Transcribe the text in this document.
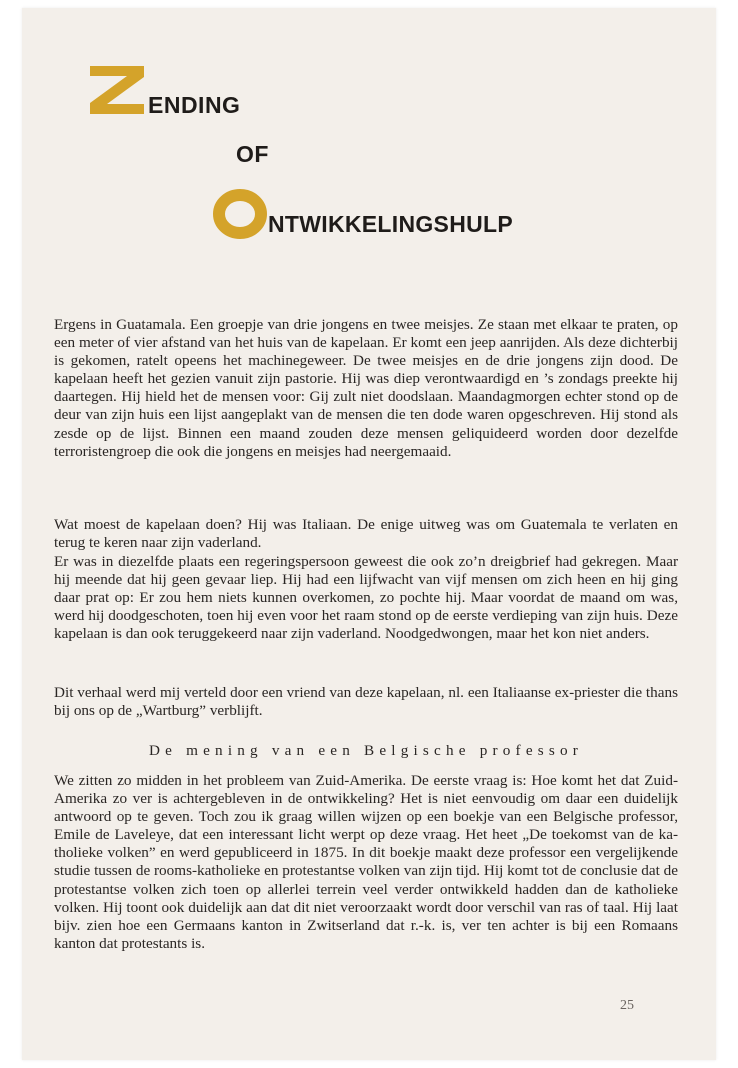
ENDING
OF
NTWIKKELINGSHULP

Ergens in Guatamala. Een groepje van drie jongens en twee meisjes. Ze staan met elkaar te praten, op een meter of vier afstand van het huis van de kapelaan. Er komt een jeep aanrijden. Als deze dichterbij is gekomen, ratelt opeens het machinegeweer. De twee meisjes en de drie jongens zijn dood. De kapelaan heeft het gezien vanuit zijn pastorie. Hij was diep verontwaardigd en ’s zondags preekte hij daartegen. Hij hield het de mensen voor: Gij zult niet doodslaan. Maandagmorgen echter stond op de deur van zijn huis een lijst aangeplakt van de mensen die ten dode waren opgeschreven. Hij stond als zesde op de lijst. Binnen een maand zouden deze mensen geliquideerd worden door dezelfde terroristengroep die ook die jongens en meisjes had neergemaaid.

Wat moest de kapelaan doen? Hij was Italiaan. De enige uitweg was om Guatemala te verlaten en terug te keren naar zijn vaderland.

Er was in diezelfde plaats een regeringspersoon geweest die ook zo’n dreigbrief had gekregen. Maar hij meende dat hij geen gevaar liep. Hij had een lijfwacht van vijf mensen om zich heen en hij ging daar prat op: Er zou hem niets kunnen overkomen, zo pochte hij. Maar voordat de maand om was, werd hij doodgeschoten, toen hij even voor het raam stond op de eerste verdieping van zijn huis. Deze kapelaan is dan ook teruggekeerd naar zijn vaderland. Noodgedwongen, maar het kon niet anders.

Dit verhaal werd mij verteld door een vriend van deze kapelaan, nl. een Italiaanse ex-priester die thans bij ons op de „Wartburg” verblijft.

De mening van een Belgische professor

We zitten zo midden in het probleem van Zuid-Amerika. De eerste vraag is: Hoe komt het dat Zuid-Amerika zo ver is achtergebleven in de ontwikkeling? Het is niet eenvoudig om daar een duidelijk antwoord op te geven. Toch zou ik graag willen wijzen op een boekje van een Belgische professor, Emile de Laveleye, dat een interessant licht werpt op deze vraag. Het heet „De toekomst van de katholieke volken” en werd gepubliceerd in 1875. In dit boekje maakt deze professor een vergelijkende studie tussen de rooms-katholieke en protestantse volken van zijn tijd. Hij komt tot de conclusie dat de protestantse volken zich toen op allerlei terrein veel verder ontwikkeld hadden dan de katholieke volken. Hij toont ook duidelijk aan dat dit niet veroorzaakt wordt door verschil van ras of taal. Hij laat bijv. zien hoe een Germaans kanton in Zwitserland dat r.-k. is, ver ten achter is bij een Romaans kanton dat protestants is.

25
